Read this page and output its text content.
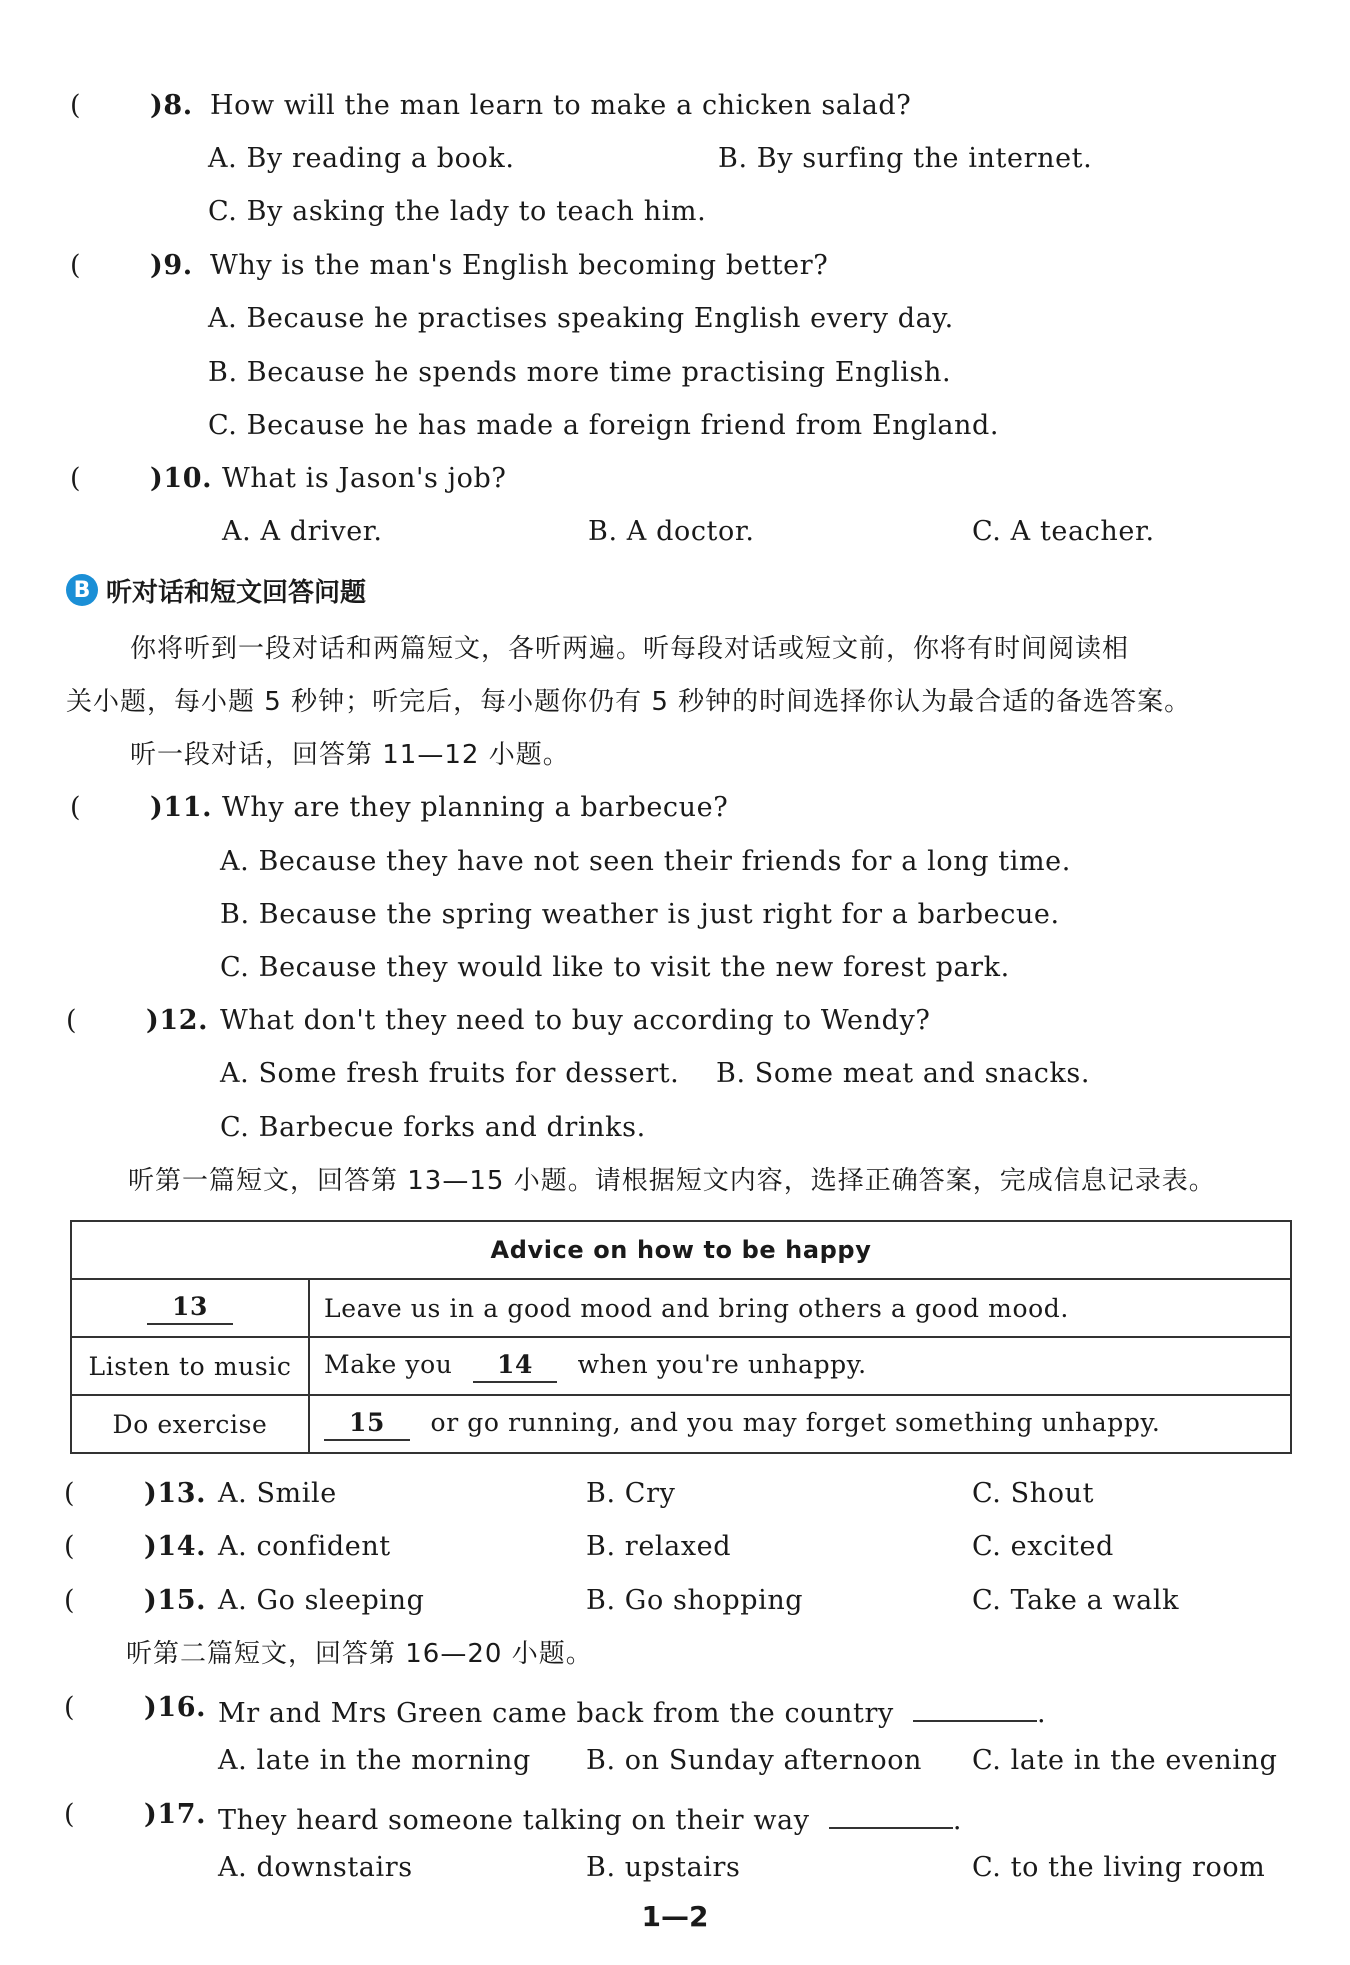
(	)8. How will the man learn to make a chicken salad?
A. By reading a book.	B. By surfing the internet.
C. By asking the lady to teach him.
(	)9. Why is the man's English becoming better?
A. Because he practises speaking English every day.
B. Because he spends more time practising English.
C. Because he has made a foreign friend from England.
(	)10. What is Jason's job?
A. A driver.	B. A doctor.	C. A teacher.
B 听对话和短文回答问题
你将听到一段对话和两篇短文，各听两遍。听每段对话或短文前，你将有时间阅读相
关小题，每小题 5 秒钟；听完后，每小题你仍有 5 秒钟的时间选择你认为最合适的备选答案。
听一段对话，回答第 11—12 小题。
(	)11. Why are they planning a barbecue?
A. Because they have not seen their friends for a long time.
B. Because the spring weather is just right for a barbecue.
C. Because they would like to visit the new forest park.
(	)12. What don't they need to buy according to Wendy?
A. Some fresh fruits for dessert. B. Some meat and snacks.
C. Barbecue forks and drinks.
听第一篇短文，回答第 13—15 小题。请根据短文内容，选择正确答案，完成信息记录表。
Advice on how to be happy	
13	Leave us in a good mood and bring others a good mood.
Listen to music	Make you 14 when you're unhappy.
Do exercise	15 or go running, and you may forget something unhappy.
(	)13. A. Smile	B. Cry	C. Shout
(	)14. A. confident	B. relaxed	C. excited
(	)15. A. Go sleeping	B. Go shopping	C. Take a walk
听第二篇短文，回答第 16—20 小题。
(	)16. Mr and Mrs Green came back from the country	.
A. late in the morning B. on Sunday afternoon C. late in the evening
(	)17. They heard someone talking on their way	.
A. downstairs	B. upstairs	C. to the living room
1—2
